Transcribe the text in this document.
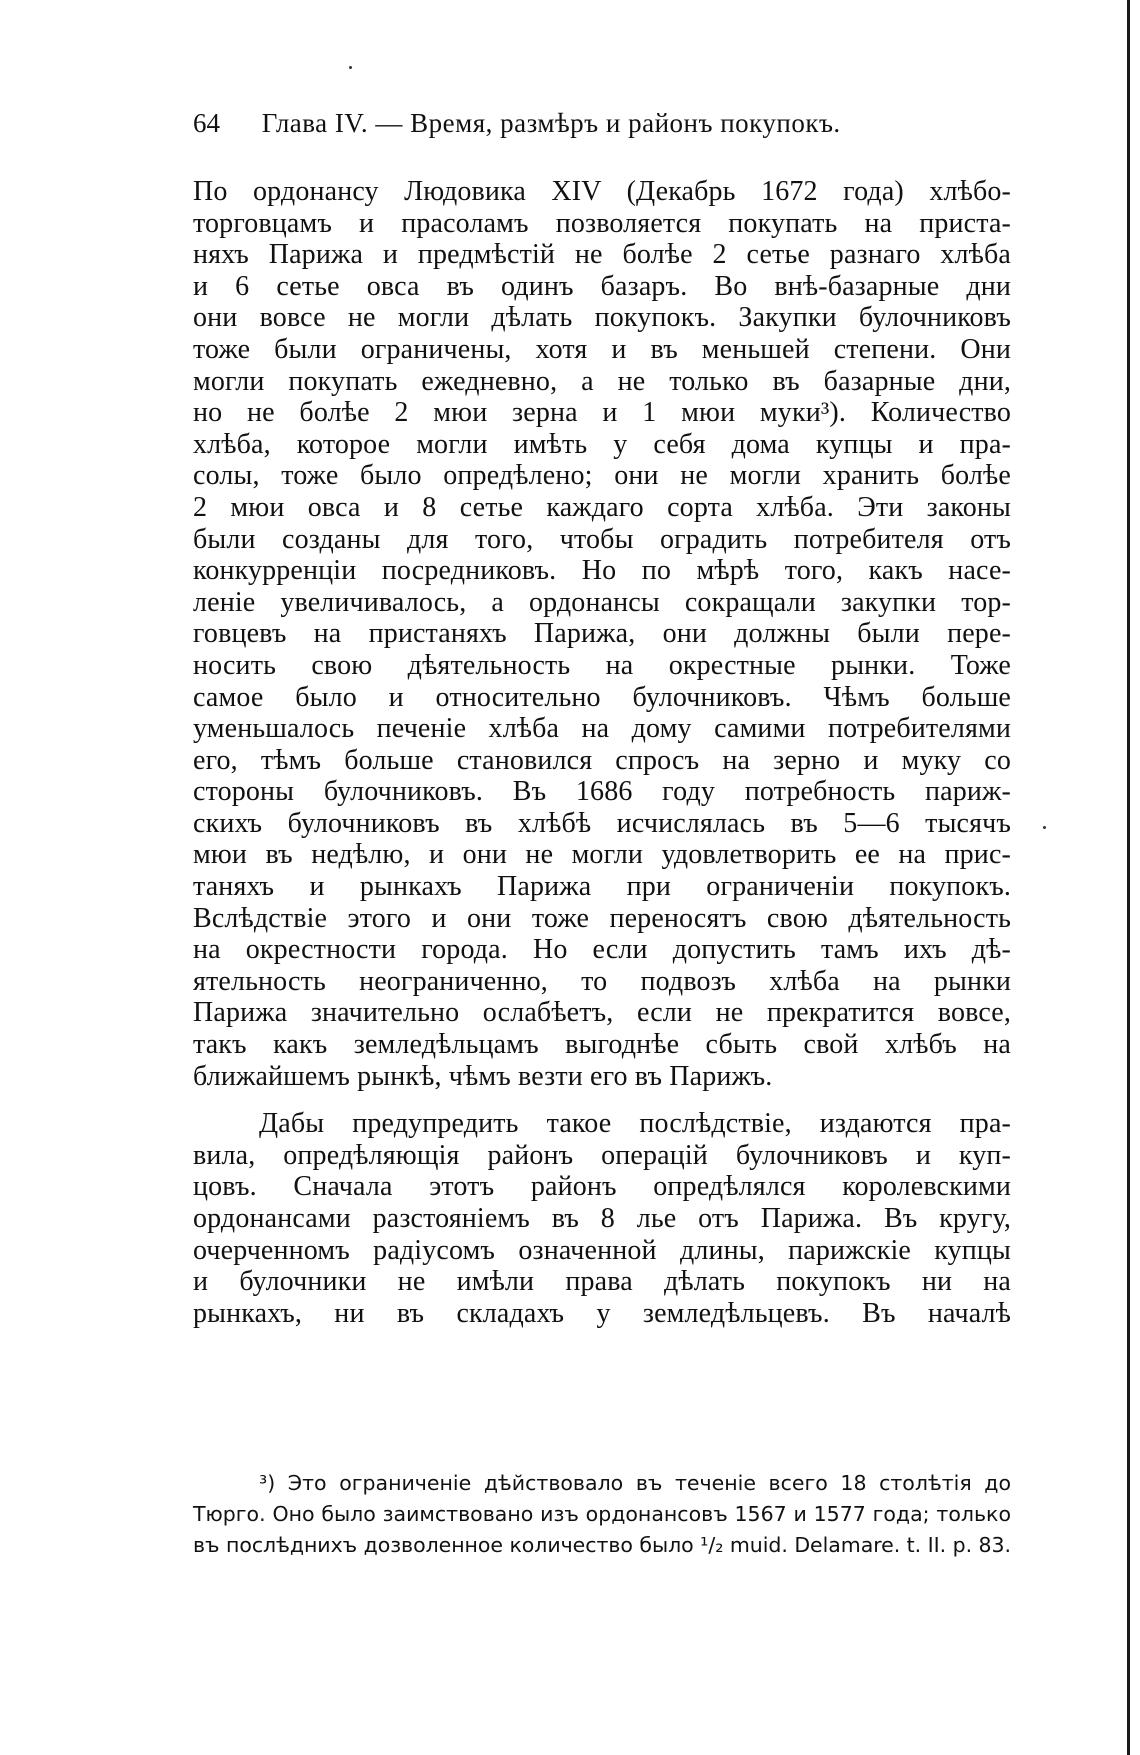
64 Глава IV. — Время, размѣръ и районъ покупокъ.
По ордонансу Людовика XIV (Декабрь 1672 года) хлѣбо-
торговцамъ и прасоламъ позволяется покупать на приста-
няхъ Парижа и предмѣстій не болѣе 2 сетье разнаго хлѣба
и 6 сетье овса въ одинъ базаръ. Во внѣ-базарные дни
они вовсе не могли дѣлать покупокъ. Закупки булочниковъ
тоже были ограничены, хотя и въ меньшей степени. Они
могли покупать ежедневно, а не только въ базарные дни,
но не болѣе 2 мюи зерна и 1 мюи муки³). Количество
хлѣба, которое могли имѣть у себя дома купцы и пра-
солы, тоже было опредѣлено; они не могли хранить болѣе
2 мюи овса и 8 сетье каждаго сорта хлѣба. Эти законы
были созданы для того, чтобы оградить потребителя отъ
конкурренціи посредниковъ. Но по мѣрѣ того, какъ насе-
леніе увеличивалось, а ордонансы сокращали закупки тор-
говцевъ на пристаняхъ Парижа, они должны были пере-
носить свою дѣятельность на окрестные рынки. Тоже
самое было и относительно булочниковъ. Чѣмъ больше
уменьшалось печеніе хлѣба на дому самими потребителями
его, тѣмъ больше становился спросъ на зерно и муку со
стороны булочниковъ. Въ 1686 году потребность париж-
скихъ булочниковъ въ хлѣбѣ исчислялась въ 5—6 тысячъ
мюи въ недѣлю, и они не могли удовлетворить ее на прис-
таняхъ и рынкахъ Парижа при ограниченіи покупокъ.
Вслѣдствіе этого и они тоже переносятъ свою дѣятельность
на окрестности города. Но если допустить тамъ ихъ дѣ-
ятельность неограниченно, то подвозъ хлѣба на рынки
Парижа значительно ослабѣетъ, если не прекратится вовсе,
такъ какъ земледѣльцамъ выгоднѣе сбыть свой хлѣбъ на
ближайшемъ рынкѣ, чѣмъ везти его въ Парижъ.
Дабы предупредить такое послѣдствіе, издаются пра-
вила, опредѣляющія районъ операцій булочниковъ и куп-
цовъ. Сначала этотъ районъ опредѣлялся королевскими
ордонансами разстояніемъ въ 8 лье отъ Парижа. Въ кругу,
очерченномъ радіусомъ означенной длины, парижскіе купцы
и булочники не имѣли права дѣлать покупокъ ни на
рынкахъ, ни въ складахъ у земледѣльцевъ. Въ началѣ
³) Это ограниченіе дѣйствовало въ теченіе всего 18 столѣтія до
Тюрго. Оно было заимствовано изъ ордонансовъ 1567 и 1577 года; только
въ послѣднихъ дозволенное количество было ¹/₂ muid. Delamare. t. II. p. 83.
